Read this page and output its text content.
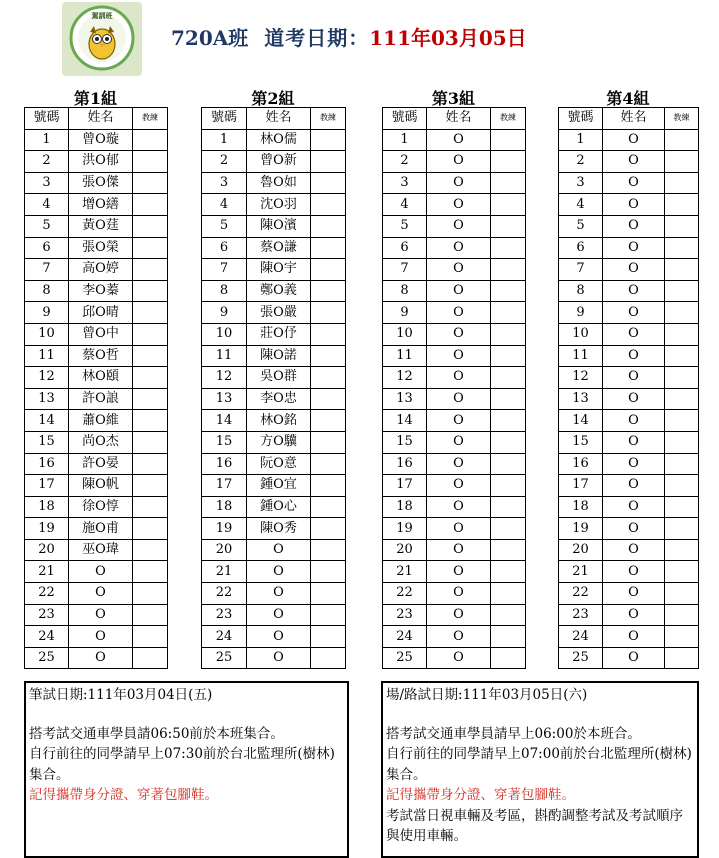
駕訓班
720A班 道考日期：111年03月05日
第1組
號碼	姓名	教練
1	曾O璇	
2	洪O郁	
3	張O傑	
4	增O繕	
5	黃O莛	
6	張O榮	
7	高O婷	
8	李O蓁	
9	邱O晴	
10	曾O中	
11	蔡O哲	
12	林O頤	
13	許O誏	
14	蕭O維	
15	尚O杰	
16	許O晏	
17	陳O帆	
18	徐O惇	
19	施O甫	
20	巫O瑋	
21	O	
22	O	
23	O	
24	O	
25	O	
第2組
號碼	姓名	教練
1	林O儒	
2	曾O新	
3	魯O如	
4	沈O羽	
5	陳O濱	
6	蔡O謙	
7	陳O宇	
8	鄭O義	
9	張O嚴	
10	莊O伃	
11	陳O諾	
12	吳O群	
13	李O忠	
14	林O銘	
15	方O驥	
16	阮O意	
17	鍾O宜	
18	鍾O心	
19	陳O秀	
20	O	
21	O	
22	O	
23	O	
24	O	
25	O	
第3組
號碼	姓名	教練
1	O	
2	O	
3	O	
4	O	
5	O	
6	O	
7	O	
8	O	
9	O	
10	O	
11	O	
12	O	
13	O	
14	O	
15	O	
16	O	
17	O	
18	O	
19	O	
20	O	
21	O	
22	O	
23	O	
24	O	
25	O	
第4組
號碼	姓名	教練
1	O	
2	O	
3	O	
4	O	
5	O	
6	O	
7	O	
8	O	
9	O	
10	O	
11	O	
12	O	
13	O	
14	O	
15	O	
16	O	
17	O	
18	O	
19	O	
20	O	
21	O	
22	O	
23	O	
24	O	
25	O	

筆試日期:111年03月04日(五)

搭考試交通車學員請06:50前於本班集合。

自行前往的同學請早上07:30前於台北監理所(樹林)集合。

記得攜帶身分證、穿著包腳鞋。

場/路試日期:111年03月05日(六)

搭考試交通車學員請早上06:00於本班合。

自行前往的同學請早上07:00前於台北監理所(樹林)集合。

記得攜帶身分證、穿著包腳鞋。

考試當日視車輛及考區，斟酌調整考試及考試順序與使用車輛。
